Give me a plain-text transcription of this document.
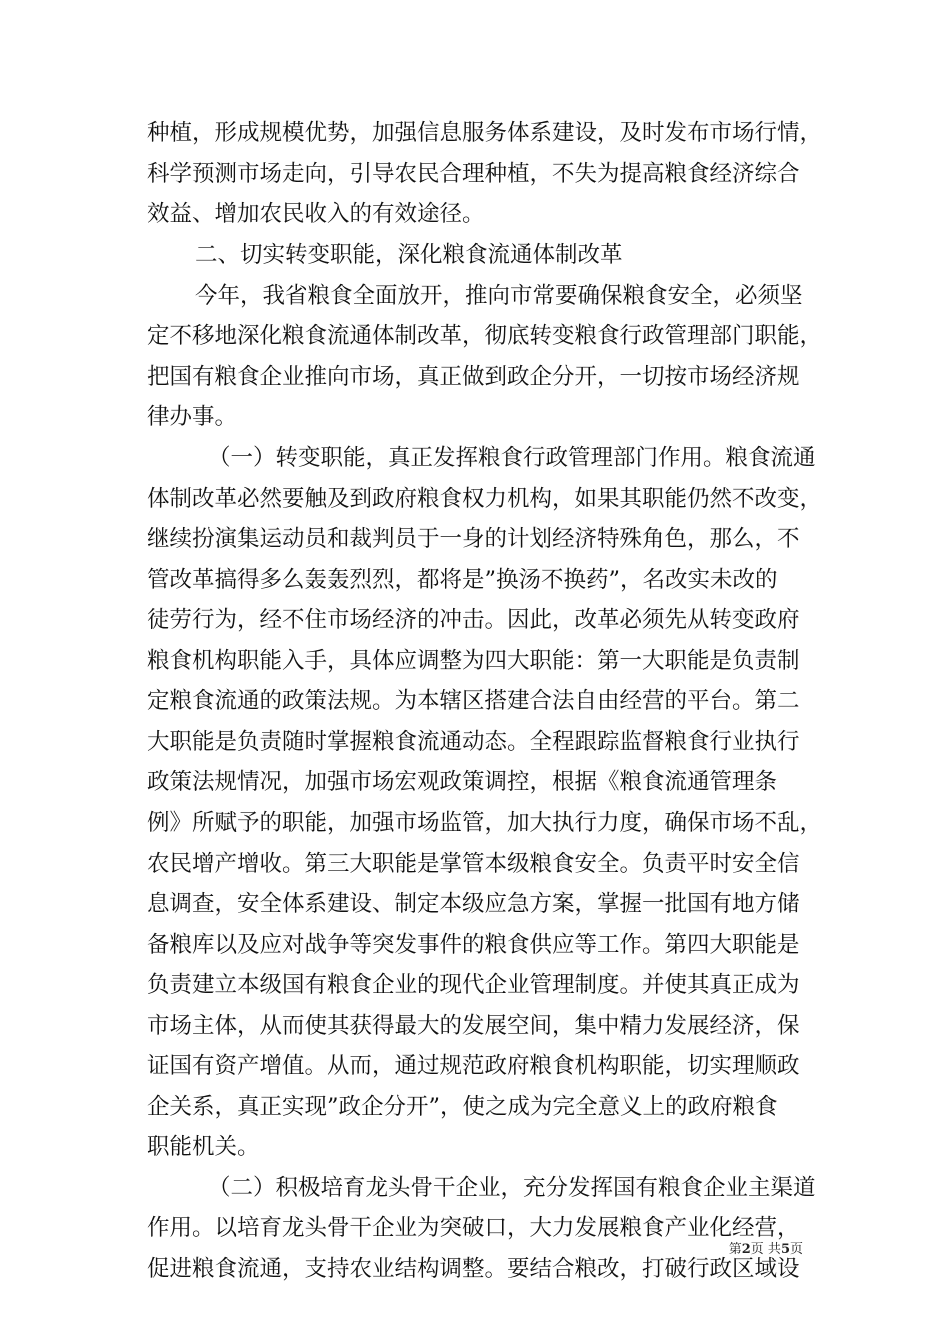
种植，形成规模优势，加强信息服务体系建设，及时发布市场行情，
科学预测市场走向，引导农民合理种植，不失为提高粮食经济综合
效益、增加农民收入的有效途径。
二、切实转变职能，深化粮食流通体制改革
今年，我省粮食全面放开，推向市常要确保粮食安全，必须坚
定不移地深化粮食流通体制改革，彻底转变粮食行政管理部门职能，
把国有粮食企业推向市场，真正做到政企分开，一切按市场经济规
律办事。
（一）转变职能，真正发挥粮食行政管理部门作用。粮食流通
体制改革必然要触及到政府粮食权力机构，如果其职能仍然不改变，
继续扮演集运动员和裁判员于一身的计划经济特殊角色，那么，不
管改革搞得多么轰轰烈烈，都将是”换汤不换药”，名改实未改的
徒劳行为，经不住市场经济的冲击。因此，改革必须先从转变政府
粮食机构职能入手，具体应调整为四大职能：第一大职能是负责制
定粮食流通的政策法规。为本辖区搭建合法自由经营的平台。第二
大职能是负责随时掌握粮食流通动态。全程跟踪监督粮食行业执行
政策法规情况，加强市场宏观政策调控，根据《粮食流通管理条
例》所赋予的职能，加强市场监管，加大执行力度，确保市场不乱，
农民增产增收。第三大职能是掌管本级粮食安全。负责平时安全信
息调查，安全体系建设、制定本级应急方案，掌握一批国有地方储
备粮库以及应对战争等突发事件的粮食供应等工作。第四大职能是
负责建立本级国有粮食企业的现代企业管理制度。并使其真正成为
市场主体，从而使其获得最大的发展空间，集中精力发展经济，保
证国有资产增值。从而，通过规范政府粮食机构职能，切实理顺政
企关系，真正实现”政企分开”，使之成为完全意义上的政府粮食
职能机关。
（二）积极培育龙头骨干企业，充分发挥国有粮食企业主渠道
作用。以培育龙头骨干企业为突破口，大力发展粮食产业化经营，
促进粮食流通，支持农业结构调整。要结合粮改，打破行政区域设
第2页 共5页
